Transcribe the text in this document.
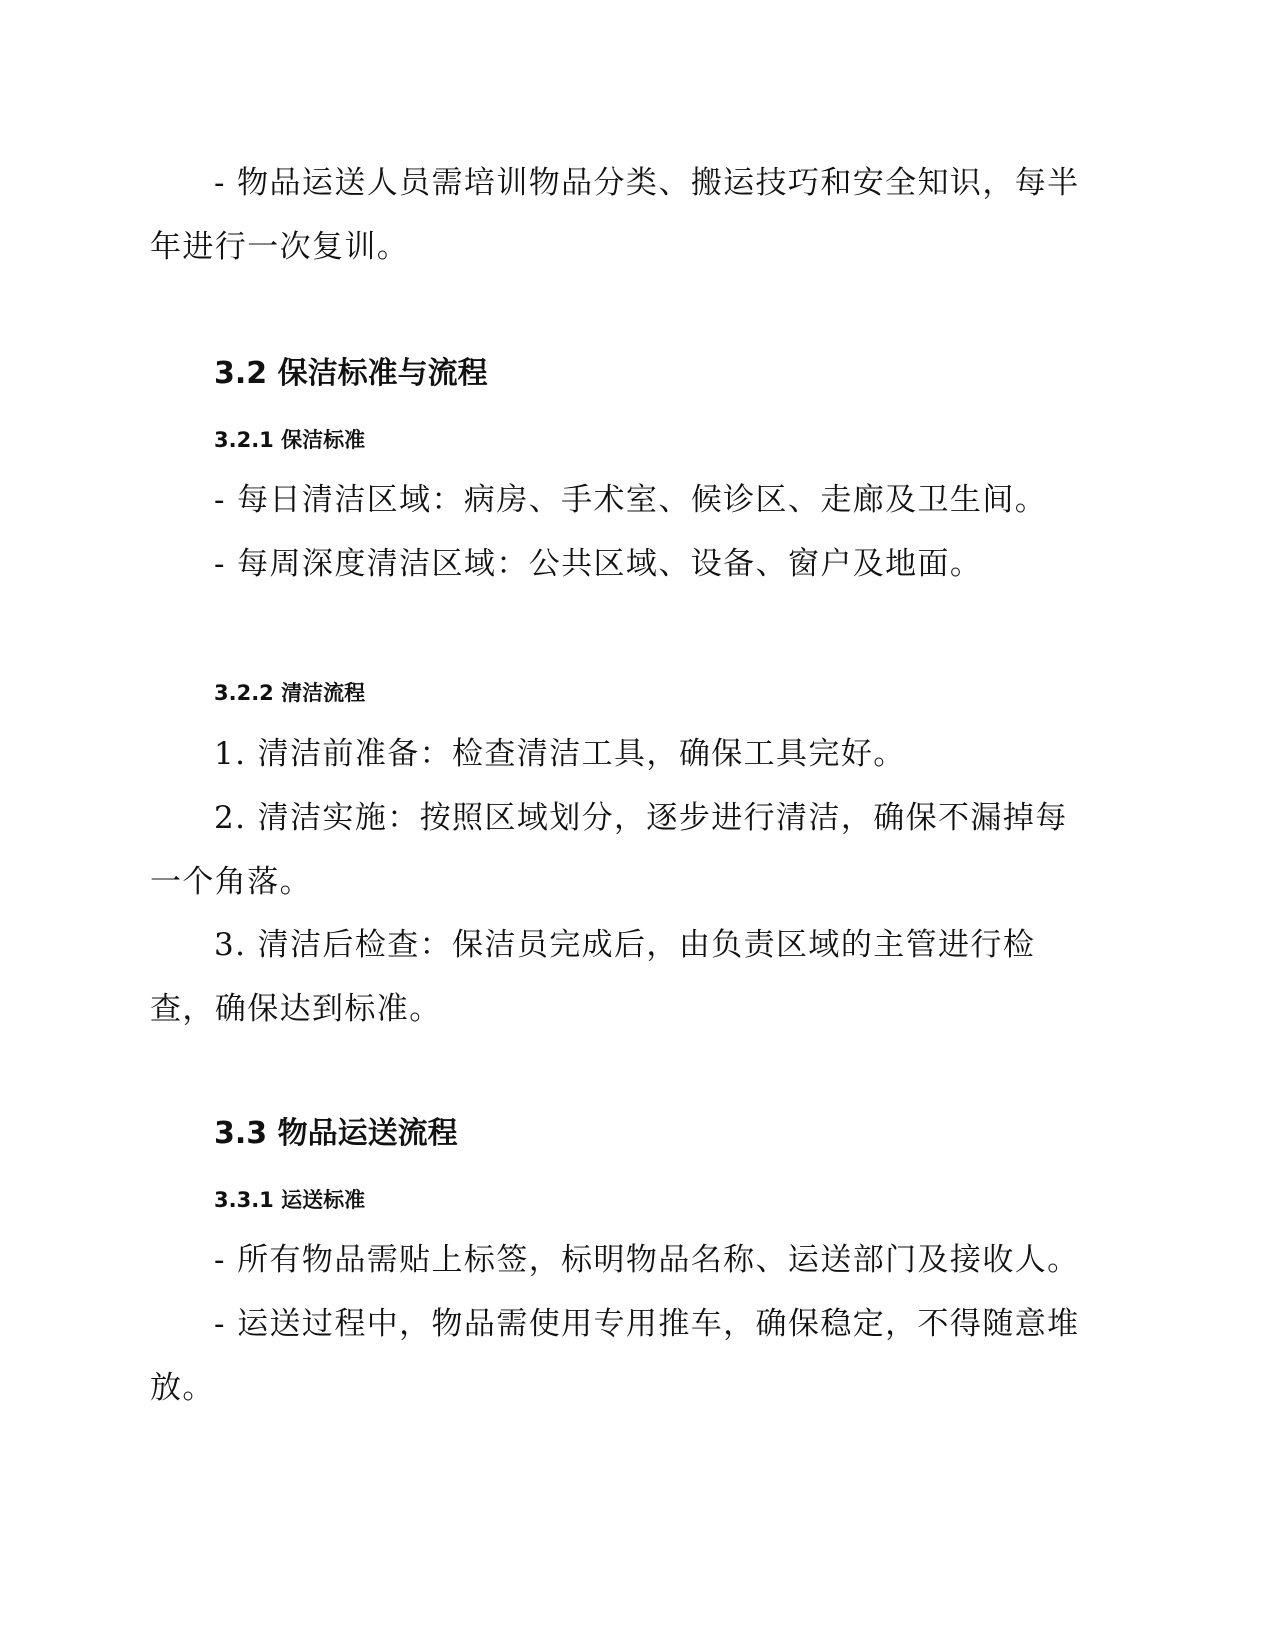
- 物品运送人员需培训物品分类、搬运技巧和安全知识，每半年进行一次复训。

3.2 保洁标准与流程
3.2.1 保洁标准

- 每日清洁区域：病房、手术室、候诊区、走廊及卫生间。

- 每周深度清洁区域：公共区域、设备、窗户及地面。

3.2.2 清洁流程

1. 清洁前准备：检查清洁工具，确保工具完好。

2. 清洁实施：按照区域划分，逐步进行清洁，确保不漏掉每一个角落。

3. 清洁后检查：保洁员完成后，由负责区域的主管进行检查，确保达到标准。

3.3 物品运送流程
3.3.1 运送标准

- 所有物品需贴上标签，标明物品名称、运送部门及接收人。

- 运送过程中，物品需使用专用推车，确保稳定，不得随意堆放。
